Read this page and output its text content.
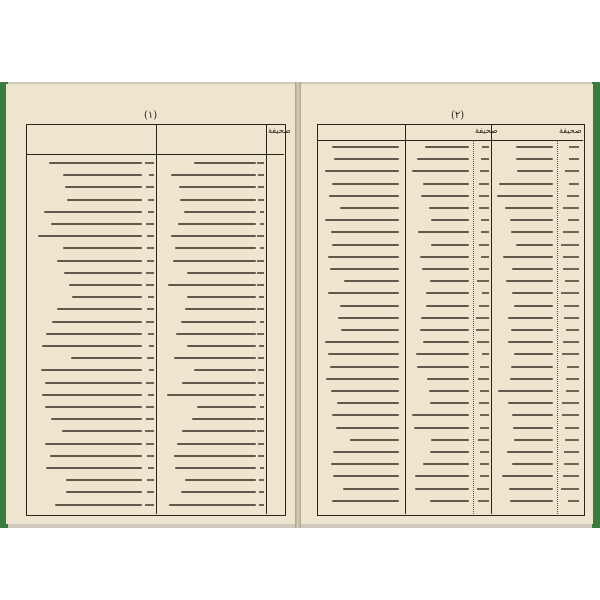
(١)
صحيفة
(٢)
صحيفة	صحيفة
